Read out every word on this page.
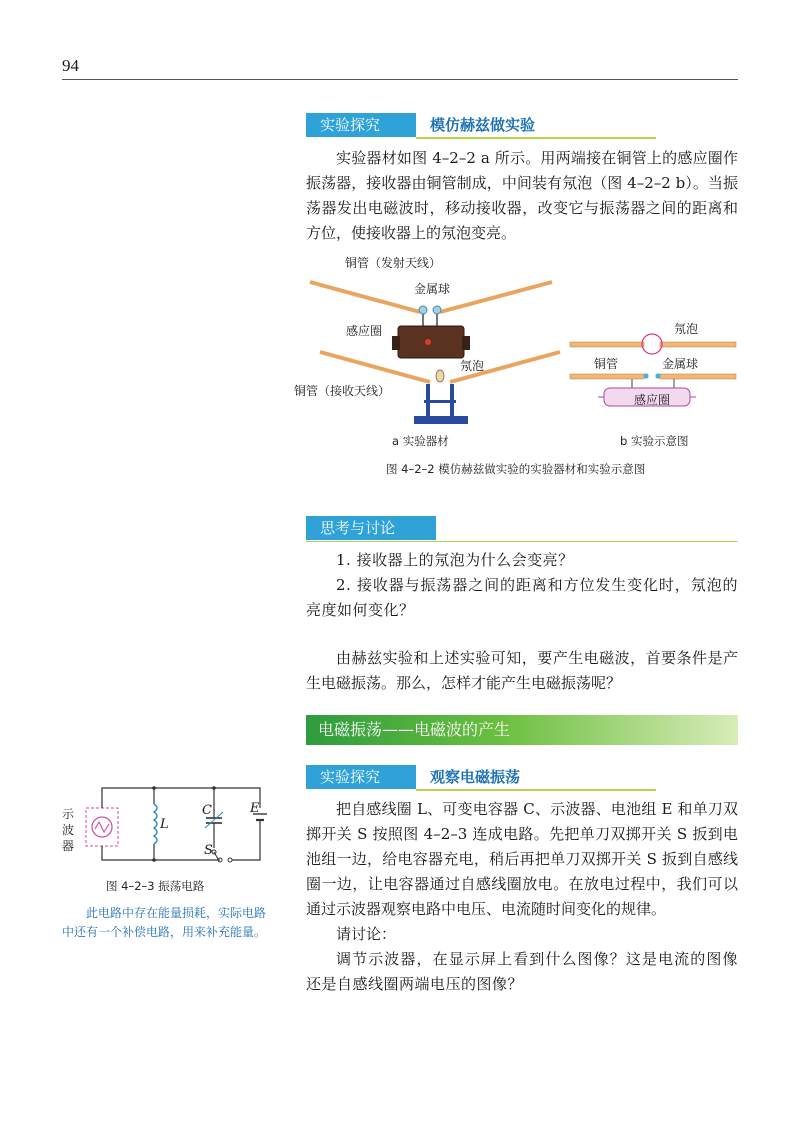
94
实验探究	模仿赫兹做实验
实验器材如图 4–2–2 a 所示。用两端接在铜管上的感应圈作振荡器，接收器由铜管制成，中间装有氖泡（图 4–2–2 b）。当振荡器发出电磁波时，移动接收器，改变它与振荡器之间的距离和方位，使接收器上的氖泡变亮。
铜管（发射天线）
金属球
感应圈
氖泡
铜管（接收天线）
氖泡
铜管	金属球
感应圈
a 实验器材	b 实验示意图
图 4–2–2 模仿赫兹做实验的实验器材和实验示意图
思考与讨论
1. 接收器上的氖泡为什么会变亮？
2. 接收器与振荡器之间的距离和方位发生变化时，氖泡的亮度如何变化？
由赫兹实验和上述实验可知，要产生电磁波，首要条件是产生电磁振荡。那么，怎样才能产生电磁振荡呢？
电磁振荡——电磁波的产生
实验探究	观察电磁振荡
把自感线圈 L、可变电容器 C、示波器、电池组 E 和单刀双掷开关 S 按照图 4–2–3 连成电路。先把单刀双掷开关 S 扳到电池组一边，给电容器充电，稍后再把单刀双掷开关 S 扳到自感线圈一边，让电容器通过自感线圈放电。在放电过程中，我们可以通过示波器观察电路中电压、电流随时间变化的规律。
请讨论：
调节示波器，在显示屏上看到什么图像？这是电流的图像还是自感线圈两端电压的图像？
示
波
器
L
C	E
S
图 4–2–3 振荡电路
此电路中存在能量损耗，实际电路中还有一个补偿电路，用来补充能量。
